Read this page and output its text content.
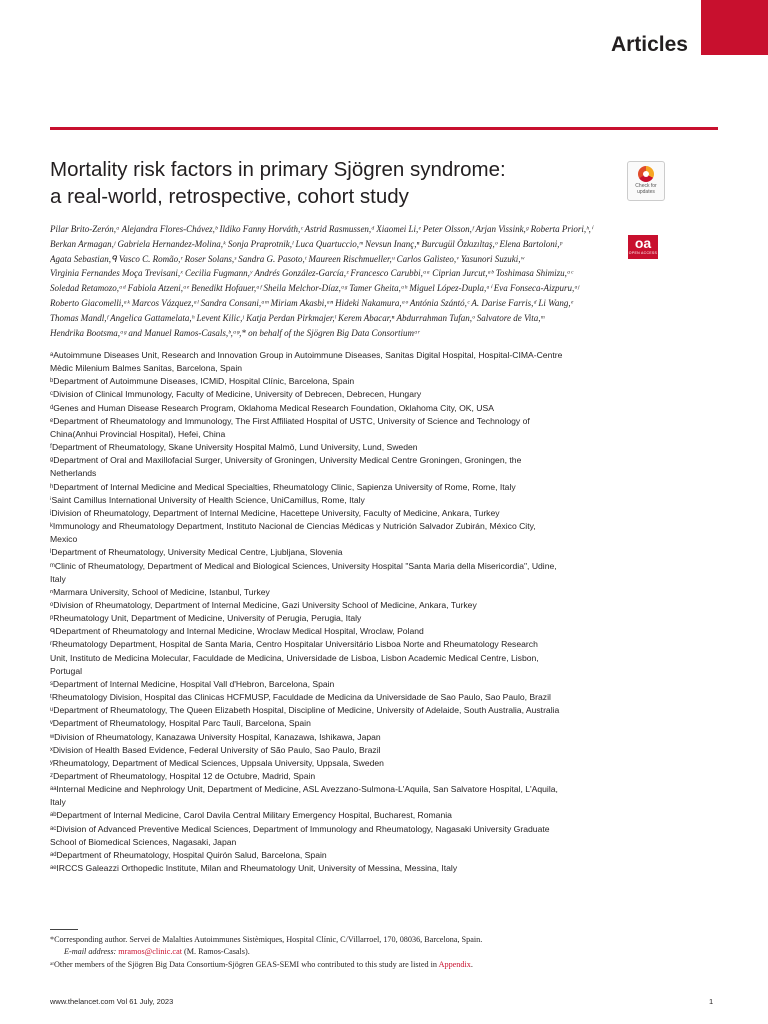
Articles
Mortality risk factors in primary Sjögren syndrome:
a real-world, retrospective, cohort study	Check for updates
oa
OPEN ACCESS
Pilar Brito-Zerón,ᵃ Alejandra Flores-Chávez,ᵇ Ildiko Fanny Horváth,ᶜ Astrid Rasmussen,ᵈ Xiaomei Li,ᵉ Peter Olsson,ᶠ Arjan Vissink,ᵍ Roberta Priori,ʰ,ⁱ
Berkan Armagan,ʲ Gabriela Hernandez-Molina,ᵏ Sonja Praprotnik,ˡ Luca Quartuccio,ᵐ Nevsun Inanç,ⁿ Burcugül Özkızıltaş,ᵒ Elena Bartoloni,ᵖ
Agata Sebastian,ᑫ Vasco C. Romão,ʳ Roser Solans,ˢ Sandra G. Pasoto,ᵗ Maureen Rischmueller,ᵘ Carlos Galisteo,ᵛ Yasunori Suzuki,ʷ
Virginia Fernandes Moça Trevisani,ˣ Cecilia Fugmann,ʸ Andrés González-García,ᶻ Francesco Carubbi,ᵃᵃ Ciprian Jurcut,ᵃᵇ Toshimasa Shimizu,ᵃᶜ
Soledad Retamozo,ᵃᵈ Fabiola Atzeni,ᵃᵉ Benedikt Hofauer,ᵃᶠ Sheila Melchor-Díaz,ᵃᵍ Tamer Gheita,ᵃʰ Miguel López-Dupla,ᵃⁱ Eva Fonseca-Aizpuru,ᵃʲ
Roberto Giacomelli,ᵃᵏ Marcos Vázquez,ᵃˡ Sandra Consani,ᵃᵐ Miriam Akasbi,ᵃⁿ Hideki Nakamura,ᵃᵒ Antónia Szántó,ᶜ A. Darise Farris,ᵈ Li Wang,ᵉ
Thomas Mandl,ᶠ Angelica Gattamelata,ʰ Levent Kilic,ʲ Katja Perdan Pirkmajer,ˡ Kerem Abacar,ⁿ Abdurrahman Tufan,ᵒ Salvatore de Vita,ᵐ
Hendrika Bootsma,ᵃᵍ and Manuel Ramos-Casals,ᵇ,ᵃᵠ,* on behalf of the Sjögren Big Data Consortiumᵃʳ
ᵃAutoimmune Diseases Unit, Research and Innovation Group in Autoimmune Diseases, Sanitas Digital Hospital, Hospital-CIMA-Centre
Mèdic Milenium Balmes Sanitas, Barcelona, Spain
ᵇDepartment of Autoimmune Diseases, ICMiD, Hospital Clínic, Barcelona, Spain
ᶜDivision of Clinical Immunology, Faculty of Medicine, University of Debrecen, Debrecen, Hungary
ᵈGenes and Human Disease Research Program, Oklahoma Medical Research Foundation, Oklahoma City, OK, USA
ᵉDepartment of Rheumatology and Immunology, The First Affiliated Hospital of USTC, University of Science and Technology of
China(Anhui Provincial Hospital), Hefei, China
ᶠDepartment of Rheumatology, Skane University Hospital Malmö, Lund University, Lund, Sweden
ᵍDepartment of Oral and Maxillofacial Surger, University of Groningen, University Medical Centre Groningen, Groningen, the
Netherlands
ʰDepartment of Internal Medicine and Medical Specialties, Rheumatology Clinic, Sapienza University of Rome, Rome, Italy
ⁱSaint Camillus International University of Health Science, UniCamillus, Rome, Italy
ʲDivision of Rheumatology, Department of Internal Medicine, Hacettepe University, Faculty of Medicine, Ankara, Turkey
ᵏImmunology and Rheumatology Department, Instituto Nacional de Ciencias Médicas y Nutrición Salvador Zubirán, México City,
Mexico
ˡDepartment of Rheumatology, University Medical Centre, Ljubljana, Slovenia
ᵐClinic of Rheumatology, Department of Medical and Biological Sciences, University Hospital "Santa Maria della Misericordia", Udine,
Italy
ⁿMarmara University, School of Medicine, Istanbul, Turkey
ᵒDivision of Rheumatology, Department of Internal Medicine, Gazi University School of Medicine, Ankara, Turkey
ᵖRheumatology Unit, Department of Medicine, University of Perugia, Perugia, Italy
ᑫDepartment of Rheumatology and Internal Medicine, Wroclaw Medical Hospital, Wroclaw, Poland
ʳRheumatology Department, Hospital de Santa Maria, Centro Hospitalar Universitário Lisboa Norte and Rheumatology Research
Unit, Instituto de Medicina Molecular, Faculdade de Medicina, Universidade de Lisboa, Lisbon Academic Medical Centre, Lisbon,
Portugal
ˢDepartment of Internal Medicine, Hospital Vall d'Hebron, Barcelona, Spain
ᵗRheumatology Division, Hospital das Clinicas HCFMUSP, Faculdade de Medicina da Universidade de Sao Paulo, Sao Paulo, Brazil
ᵘDepartment of Rheumatology, The Queen Elizabeth Hospital, Discipline of Medicine, University of Adelaide, South Australia, Australia
ᵛDepartment of Rheumatology, Hospital Parc Taulí, Barcelona, Spain
ʷDivision of Rheumatology, Kanazawa University Hospital, Kanazawa, Ishikawa, Japan
ˣDivision of Health Based Evidence, Federal University of São Paulo, Sao Paulo, Brazil
ʸRheumatology, Department of Medical Sciences, Uppsala University, Uppsala, Sweden
ᶻDepartment of Rheumatology, Hospital 12 de Octubre, Madrid, Spain
ᵃᵃInternal Medicine and Nephrology Unit, Department of Medicine, ASL Avezzano-Sulmona-L'Aquila, San Salvatore Hospital, L'Aquila,
Italy
ᵃᵇDepartment of Internal Medicine, Carol Davila Central Military Emergency Hospital, Bucharest, Romania
ᵃᶜDivision of Advanced Preventive Medical Sciences, Department of Immunology and Rheumatology, Nagasaki University Graduate
School of Biomedical Sciences, Nagasaki, Japan
ᵃᵈDepartment of Rheumatology, Hospital Quirón Salud, Barcelona, Spain
ᵃᵉIRCCS Galeazzi Orthopedic Institute, Milan and Rheumatology Unit, University of Messina, Messina, Italy
*Corresponding author. Servei de Malalties Autoimmunes Sistèmiques, Hospital Clínic, C/Villarroel, 170, 08036, Barcelona, Spain.
E-mail address: mramos@clinic.cat (M. Ramos-Casals).
ᵃʳOther members of the Sjögren Big Data Consortium-Sjögren GEAS-SEMI who contributed to this study are listed in Appendix.
www.thelancet.com Vol 61 July, 2023	1
